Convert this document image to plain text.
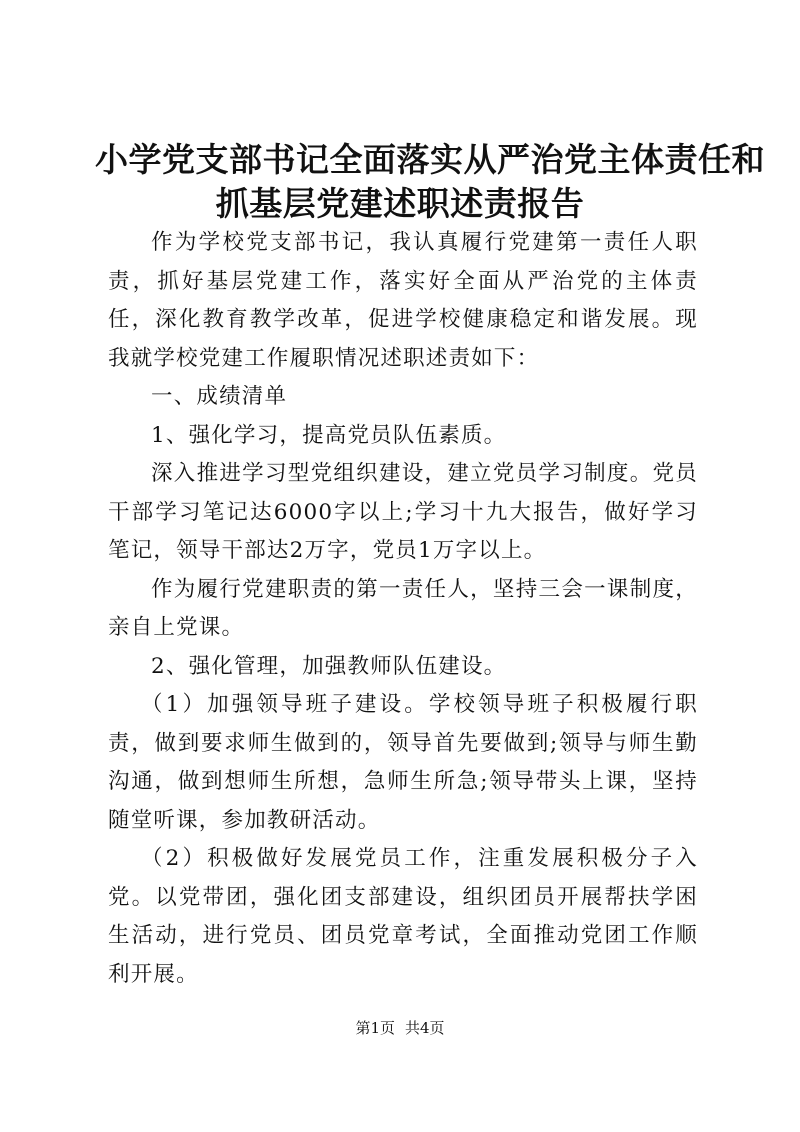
小学党支部书记全面落实从严治党主体责任和
抓基层党建述职述责报告

作为学校党支部书记，我认真履行党建第一责任人职责，抓好基层党建工作，落实好全面从严治党的主体责任，深化教育教学改革，促进学校健康稳定和谐发展。现我就学校党建工作履职情况述职述责如下：

一、成绩清单

1、强化学习，提高党员队伍素质。

深入推进学习型党组织建设，建立党员学习制度。党员干部学习笔记达6000字以上;学习十九大报告，做好学习笔记，领导干部达2万字，党员1万字以上。

作为履行党建职责的第一责任人，坚持三会一课制度，亲自上党课。

2、强化管理，加强教师队伍建设。

（1）加强领导班子建设。学校领导班子积极履行职责，做到要求师生做到的，领导首先要做到;领导与师生勤沟通，做到想师生所想，急师生所急;领导带头上课，坚持随堂听课，参加教研活动。

（2）积极做好发展党员工作，注重发展积极分子入党。以党带团，强化团支部建设，组织团员开展帮扶学困生活动，进行党员、团员党章考试，全面推动党团工作顺利开展。

第1页 共4页
